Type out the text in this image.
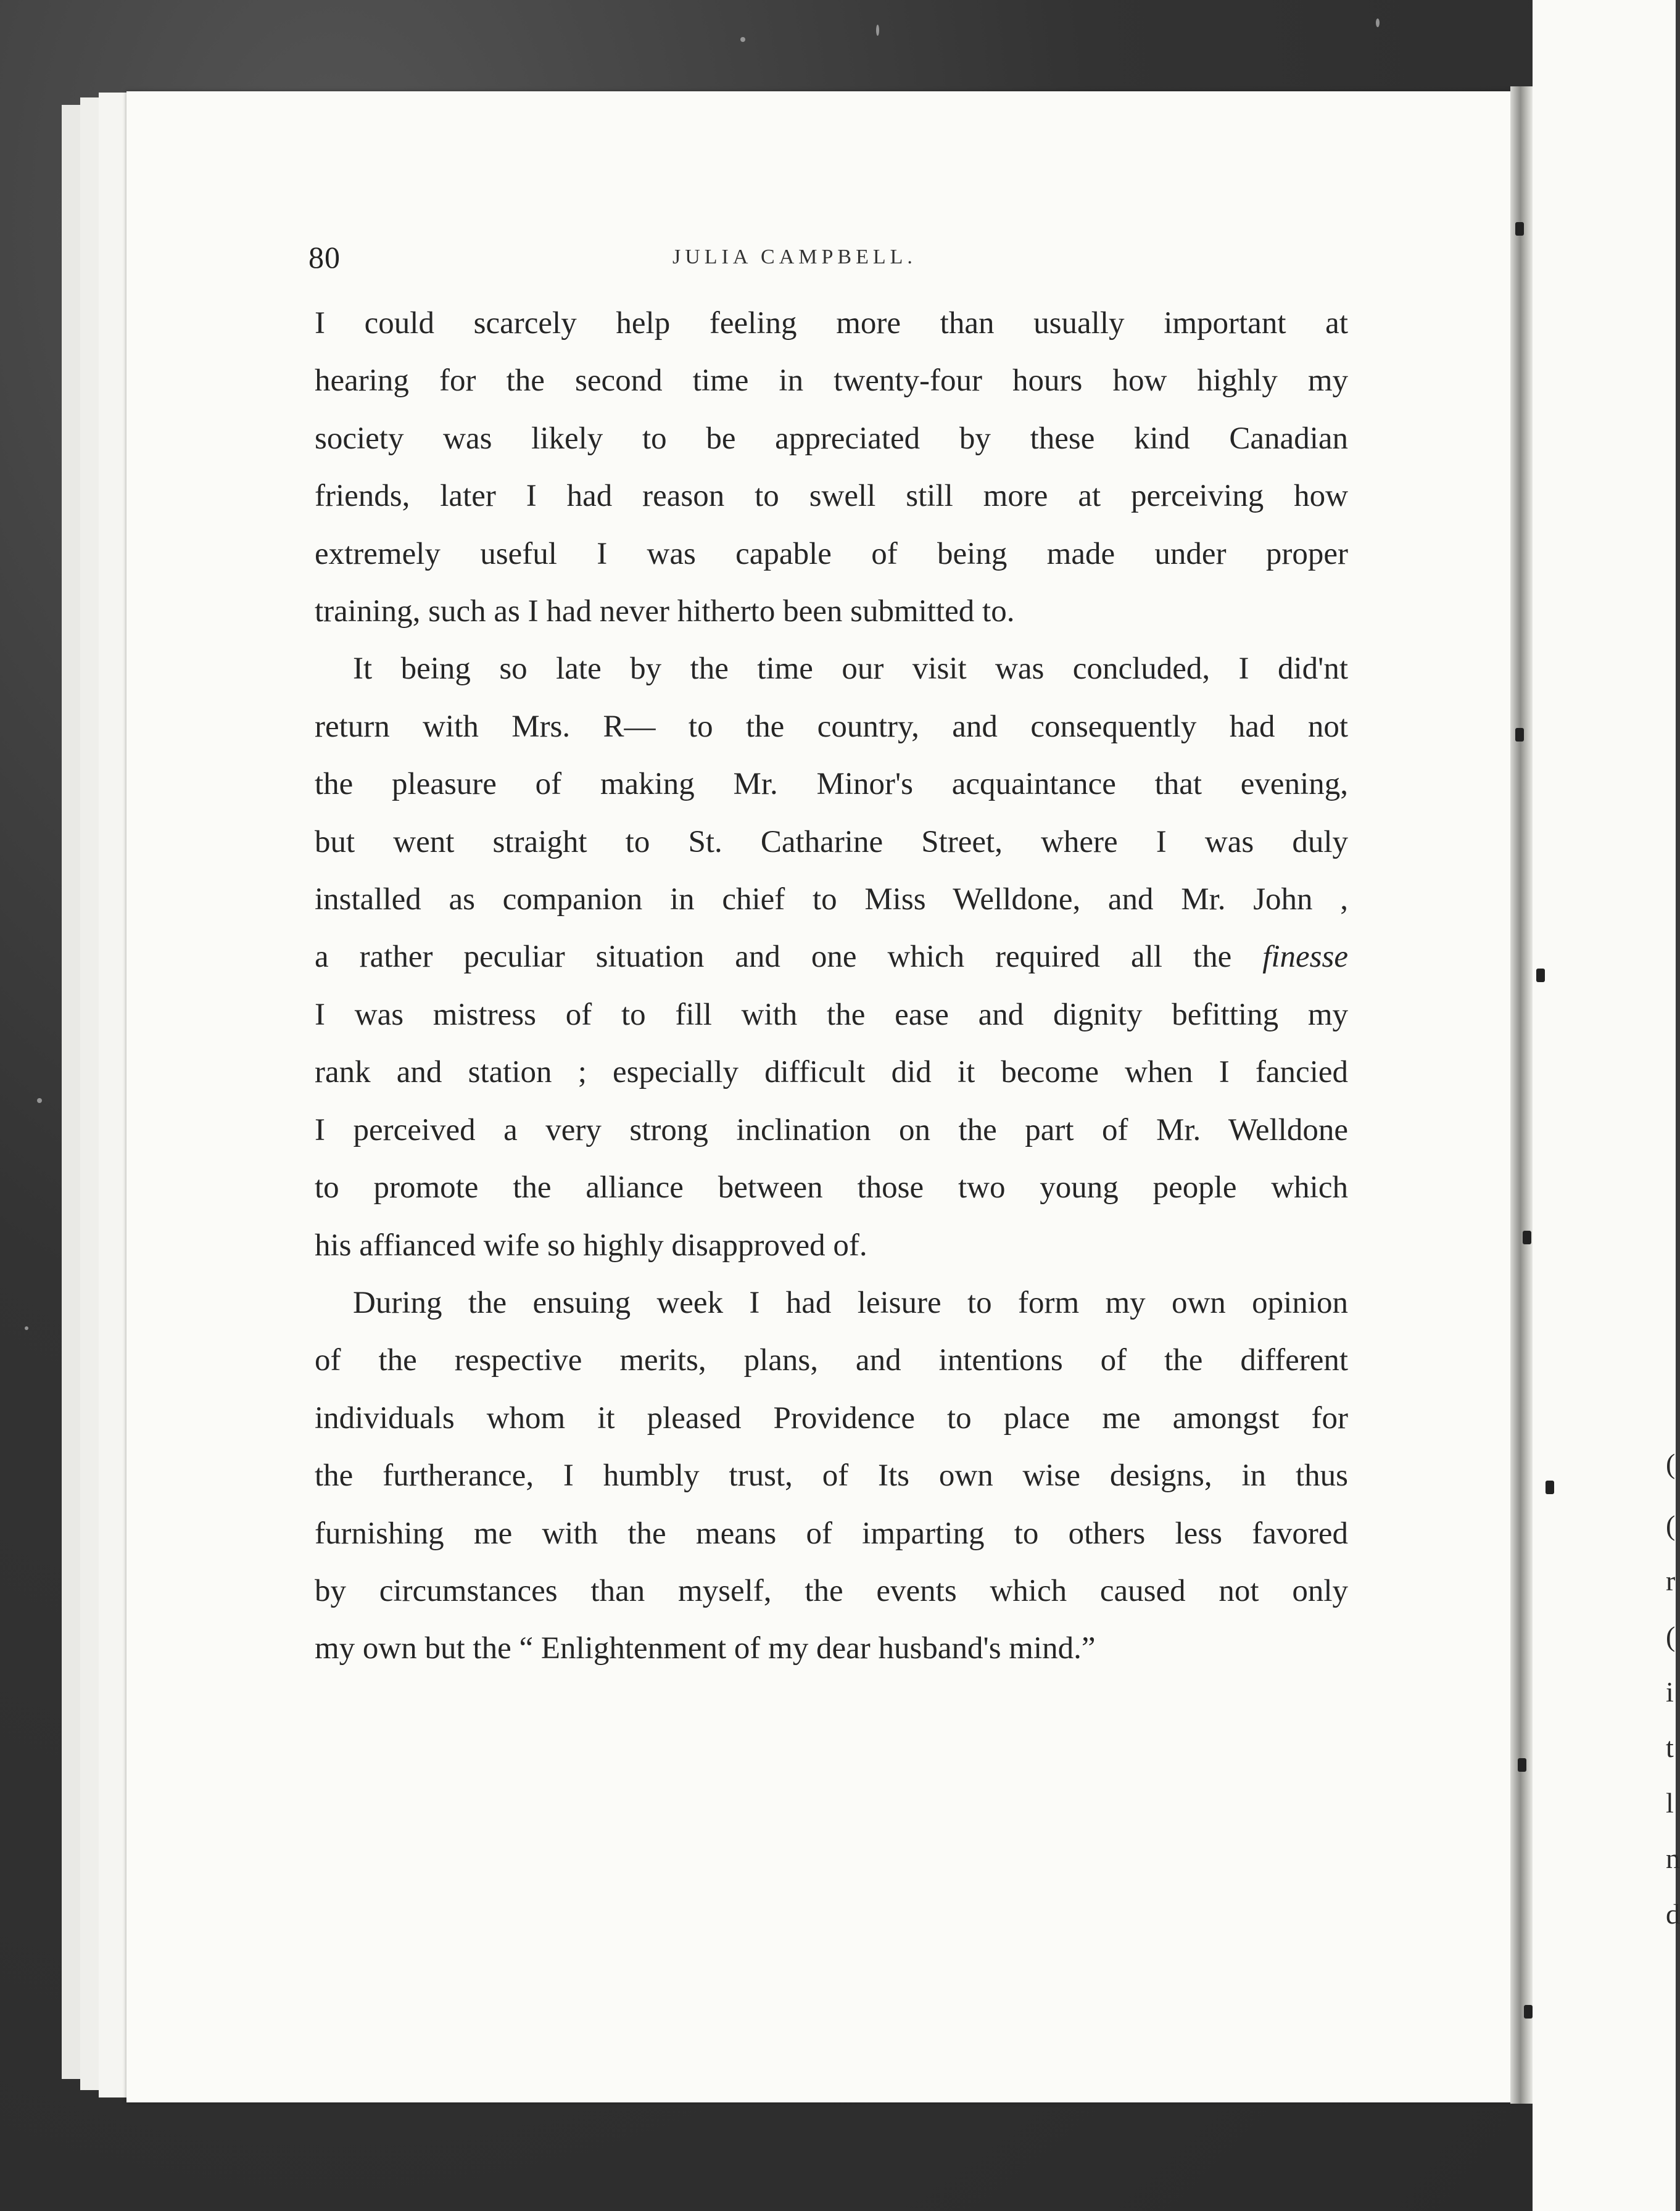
(
(
r
(
i
t
l
n
d
80	JULIA CAMPBELL.
I could scarcely help feeling more than usually important at
hearing for the second time in twenty-four hours how highly my
society was likely to be appreciated by these kind Canadian
friends, later I had reason to swell still more at perceiving how
extremely useful I was capable of being made under proper
training, such as I had never hitherto been submitted to.
It being so late by the time our visit was concluded, I did'nt
return with Mrs. R— to the country, and consequently had not
the pleasure of making Mr. Minor's acquaintance that evening,
but went straight to St. Catharine Street, where I was duly
installed as companion in chief to Miss Welldone, and Mr. John ,
a rather peculiar situation and one which required all the finesse
I was mistress of to fill with the ease and dignity befitting my
rank and station ; especially difficult did it become when I fancied
I perceived a very strong inclination on the part of Mr. Welldone
to promote the alliance between those two young people which
his affianced wife so highly disapproved of.
During the ensuing week I had leisure to form my own opinion
of the respective merits, plans, and intentions of the different
individuals whom it pleased Providence to place me amongst for
the furtherance, I humbly trust, of Its own wise designs, in thus
furnishing me with the means of imparting to others less favored
by circumstances than myself, the events which caused not only
my own but the “ Enlightenment of my dear husband's mind.”
